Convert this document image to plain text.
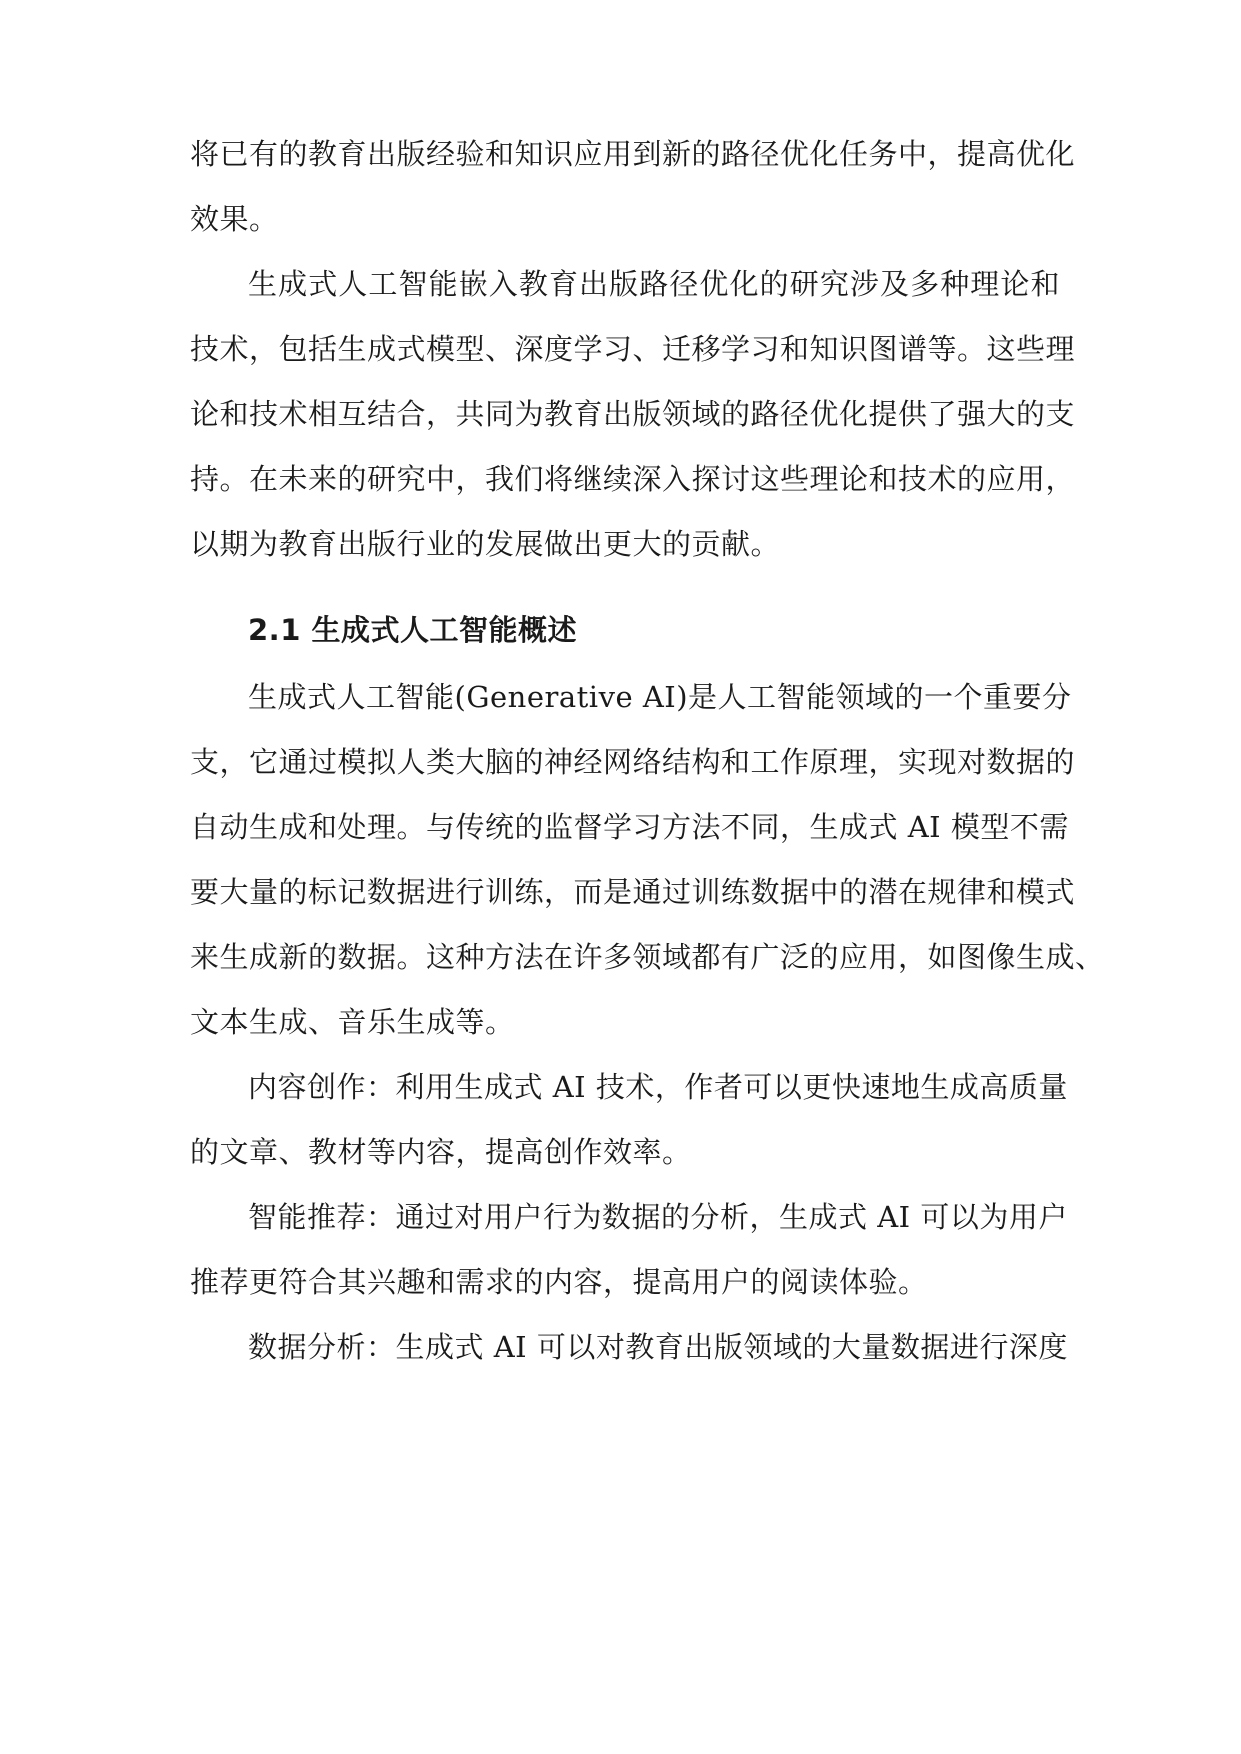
将已有的教育出版经验和知识应用到新的路径优化任务中，提高优化
效果。
生成式人工智能嵌入教育出版路径优化的研究涉及多种理论和
技术，包括生成式模型、深度学习、迁移学习和知识图谱等。这些理
论和技术相互结合，共同为教育出版领域的路径优化提供了强大的支
持。在未来的研究中，我们将继续深入探讨这些理论和技术的应用，
以期为教育出版行业的发展做出更大的贡献。
2.1 生成式人工智能概述
生成式人工智能(Generative AI)是人工智能领域的一个重要分
支，它通过模拟人类大脑的神经网络结构和工作原理，实现对数据的
自动生成和处理。与传统的监督学习方法不同，生成式 AI 模型不需
要大量的标记数据进行训练，而是通过训练数据中的潜在规律和模式
来生成新的数据。这种方法在许多领域都有广泛的应用，如图像生成、
文本生成、音乐生成等。
内容创作：利用生成式 AI 技术，作者可以更快速地生成高质量
的文章、教材等内容，提高创作效率。
智能推荐：通过对用户行为数据的分析，生成式 AI 可以为用户
推荐更符合其兴趣和需求的内容，提高用户的阅读体验。
数据分析：生成式 AI 可以对教育出版领域的大量数据进行深度
